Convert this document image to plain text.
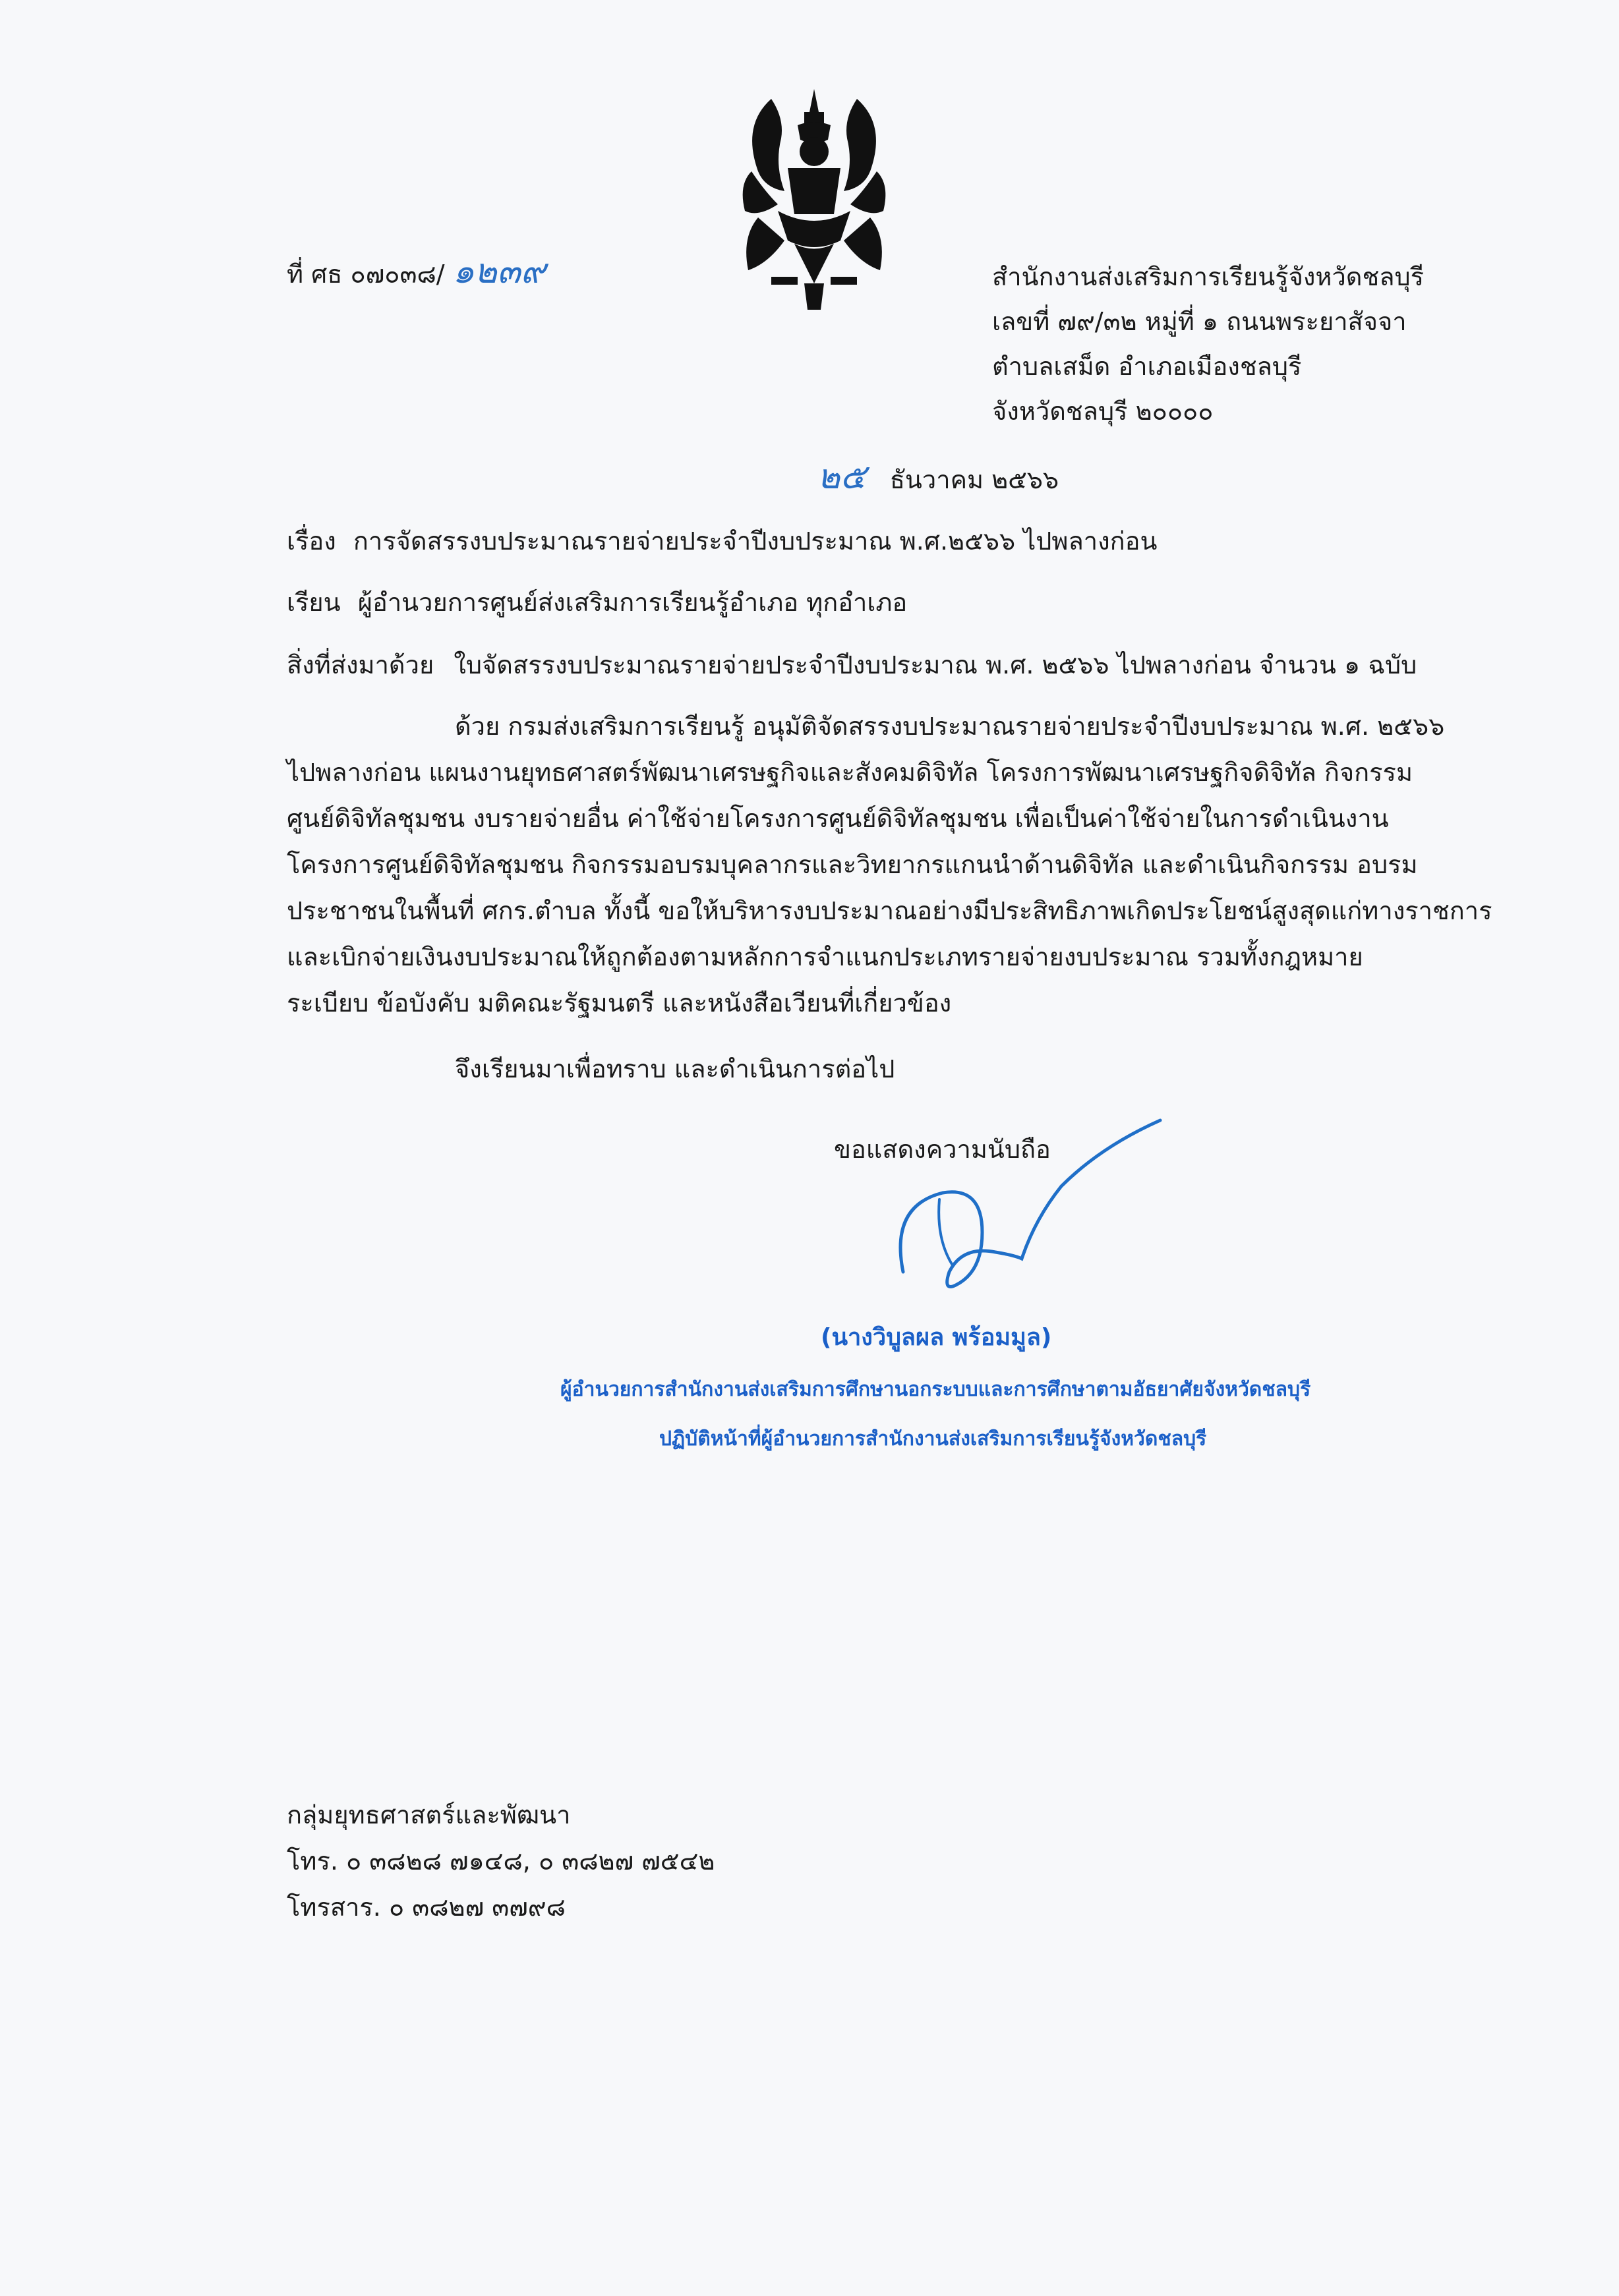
ที่ ศธ ๐๗๐๓๘/ ๑๒๓๙	สำนักงานส่งเสริมการเรียนรู้จังหวัดชลบุรี
เลขที่ ๗๙/๓๒ หมู่ที่ ๑ ถนนพระยาสัจจา
ตำบลเสม็ด อำเภอเมืองชลบุรี
จังหวัดชลบุรี ๒๐๐๐๐
๒๕ ธันวาคม ๒๕๖๖
เรื่อง การจัดสรรงบประมาณรายจ่ายประจำปีงบประมาณ พ.ศ.๒๕๖๖ ไปพลางก่อน
เรียน ผู้อำนวยการศูนย์ส่งเสริมการเรียนรู้อำเภอ ทุกอำเภอ
สิ่งที่ส่งมาด้วย ใบจัดสรรงบประมาณรายจ่ายประจำปีงบประมาณ พ.ศ. ๒๕๖๖ ไปพลางก่อน จำนวน ๑ ฉบับ
ด้วย กรมส่งเสริมการเรียนรู้ อนุมัติจัดสรรงบประมาณรายจ่ายประจำปีงบประมาณ พ.ศ. ๒๕๖๖
ไปพลางก่อน แผนงานยุทธศาสตร์พัฒนาเศรษฐกิจและสังคมดิจิทัล โครงการพัฒนาเศรษฐกิจดิจิทัล กิจกรรม
ศูนย์ดิจิทัลชุมชน งบรายจ่ายอื่น ค่าใช้จ่ายโครงการศูนย์ดิจิทัลชุมชน เพื่อเป็นค่าใช้จ่ายในการดำเนินงาน
โครงการศูนย์ดิจิทัลชุมชน กิจกรรมอบรมบุคลากรและวิทยากรแกนนำด้านดิจิทัล และดำเนินกิจกรรม อบรม
ประชาชนในพื้นที่ ศกร.ตำบล ทั้งนี้ ขอให้บริหารงบประมาณอย่างมีประสิทธิภาพเกิดประโยชน์สูงสุดแก่ทางราชการ
และเบิกจ่ายเงินงบประมาณให้ถูกต้องตามหลักการจำแนกประเภทรายจ่ายงบประมาณ รวมทั้งกฎหมาย
ระเบียบ ข้อบังคับ มติคณะรัฐมนตรี และหนังสือเวียนที่เกี่ยวข้อง
จึงเรียนมาเพื่อทราบ และดำเนินการต่อไป
ขอแสดงความนับถือ
(นางวิบูลผล พร้อมมูล)
ผู้อำนวยการสำนักงานส่งเสริมการศึกษานอกระบบและการศึกษาตามอัธยาศัยจังหวัดชลบุรี
ปฏิบัติหน้าที่ผู้อำนวยการสำนักงานส่งเสริมการเรียนรู้จังหวัดชลบุรี
กลุ่มยุทธศาสตร์และพัฒนา
โทร. ๐ ๓๘๒๘ ๗๑๔๘, ๐ ๓๘๒๗ ๗๕๔๒
โทรสาร. ๐ ๓๘๒๗ ๓๗๙๘
